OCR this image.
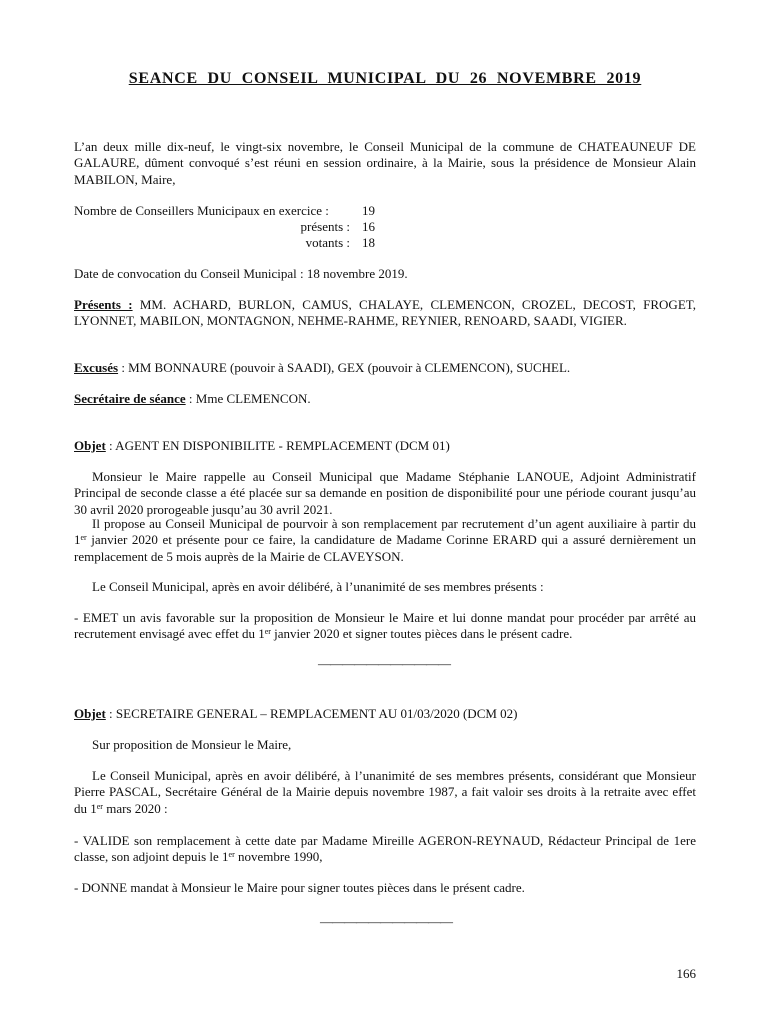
SEANCE DU CONSEIL MUNICIPAL DU 26 NOVEMBRE 2019
L’an deux mille dix-neuf, le vingt-six novembre, le Conseil Municipal de la commune de CHATEAUNEUF DE GALAURE, dûment convoqué s’est réuni en session ordinaire, à la Mairie, sous la présidence de Monsieur Alain MABILON, Maire,
Nombre de Conseillers Municipaux en exercice :	19
présents : 16
votants : 18
Date de convocation du Conseil Municipal : 18 novembre 2019.
Présents : MM. ACHARD, BURLON, CAMUS, CHALAYE, CLEMENCON, CROZEL, DECOST, FROGET, LYONNET, MABILON, MONTAGNON, NEHME-RAHME, REYNIER, RENOARD, SAADI, VIGIER.
Excusés : MM BONNAURE (pouvoir à SAADI), GEX (pouvoir à CLEMENCON), SUCHEL.
Secrétaire de séance : Mme CLEMENCON.
Objet : AGENT EN DISPONIBILITE - REMPLACEMENT (DCM 01)
Monsieur le Maire rappelle au Conseil Municipal que Madame Stéphanie LANOUE, Adjoint Administratif Principal de seconde classe a été placée sur sa demande en position de disponibilité pour une période courant jusqu’au 30 avril 2020 prorogeable jusqu’au 30 avril 2021.
Il propose au Conseil Municipal de pourvoir à son remplacement par recrutement d’un agent auxiliaire à partir du 1er janvier 2020 et présente pour ce faire, la candidature de Madame Corinne ERARD qui a assuré dernièrement un remplacement de 5 mois auprès de la Mairie de CLAVEYSON.
Le Conseil Municipal, après en avoir délibéré, à l’unanimité de ses membres présents :
- EMET un avis favorable sur la proposition de Monsieur le Maire et lui donne mandat pour procéder par arrêté au recrutement envisagé avec effet du 1er janvier 2020 et signer toutes pièces dans le présent cadre.
———————————
Objet : SECRETAIRE GENERAL – REMPLACEMENT AU 01/03/2020 (DCM 02)
Sur proposition de Monsieur le Maire,
Le Conseil Municipal, après en avoir délibéré, à l’unanimité de ses membres présents, considérant que Monsieur Pierre PASCAL, Secrétaire Général de la Mairie depuis novembre 1987, a fait valoir ses droits à la retraite avec effet du 1er mars 2020 :
- VALIDE son remplacement à cette date par Madame Mireille AGERON-REYNAUD, Rédacteur Principal de 1ere classe, son adjoint depuis le 1er novembre 1990,
- DONNE mandat à Monsieur le Maire pour signer toutes pièces dans le présent cadre.
———————————
166
